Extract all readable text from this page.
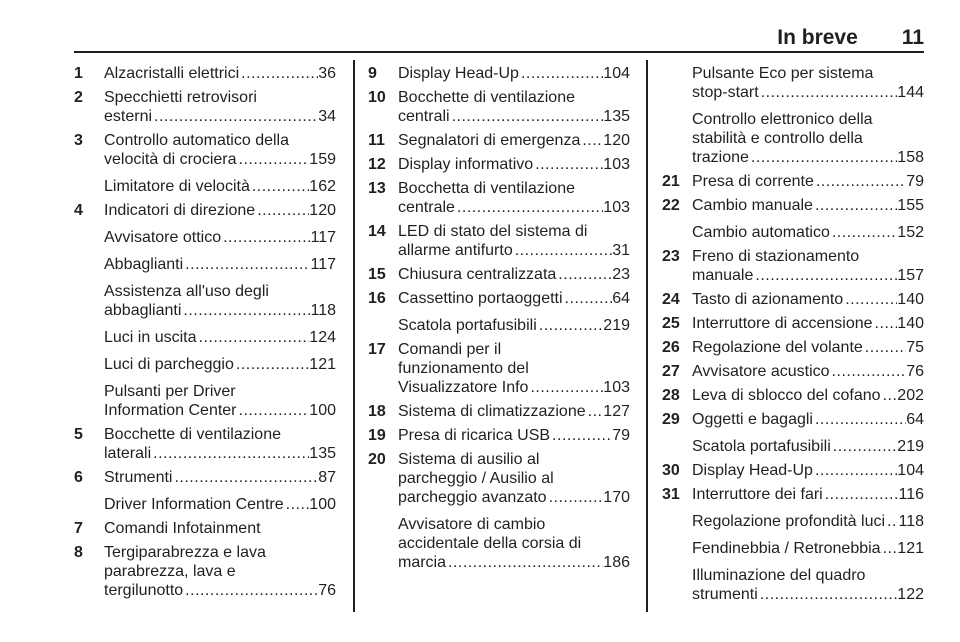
In breve 11
1	Alzacristalli elettrici .....	36
2	Specchietti retrovisori
esterni .....	34
3	Controllo automatico della
velocità di crociera .....	159
Limitatore di velocità .....	162
4	Indicatori di direzione .....	120
Avvisatore ottico .....	117
Abbaglianti .....	117
Assistenza all'uso degli
abbaglianti .....	118
Luci in uscita .....	124
Luci di parcheggio .....	121
Pulsanti per Driver
Information Center .....	100
5	Bocchette di ventilazione
laterali .....	135
6	Strumenti .....	87
Driver Information Centre ..... 100
7	Comandi Infotainment
8	Tergiparabrezza e lava
parabrezza, lava e
tergilunotto .....	76
9	Display Head-Up .....	104
10 Bocchette di ventilazione
centrali .....	135
11 Segnalatori di emergenza ..... 120
12 Display informativo .....	103
13 Bocchetta di ventilazione
centrale .....	103
14 LED di stato del sistema di
allarme antifurto .....	31
15 Chiusura centralizzata .....	23
16 Cassettino portaoggetti .....	64
Scatola portafusibili .....	219
17 Comandi per il
funzionamento del
Visualizzatore Info .....	103
18 Sistema di climatizzazione ..... 127
19 Presa di ricarica USB .....	79
20 Sistema di ausilio al
parcheggio / Ausilio al
parcheggio avanzato .....	170
Avvisatore di cambio
accidentale della corsia di
marcia .....	186
Pulsante Eco per sistema
stop-start .....	144
Controllo elettronico della
stabilità e controllo della
trazione .....	158
21 Presa di corrente .....	79
22 Cambio manuale .....	155
Cambio automatico .....	152
23 Freno di stazionamento
manuale .....	157
24 Tasto di azionamento .....	140
25 Interruttore di accensione ..... 140
26 Regolazione del volante .....	75
27 Avvisatore acustico .....	76
28 Leva di sblocco del cofano ..... 202
29 Oggetti e bagagli .....	64
Scatola portafusibili .....	219
30 Display Head-Up .....	104
31 Interruttore dei fari .....	116
Regolazione profondità luci ..... 118
Fendinebbia / Retronebbia ..... 121
Illuminazione del quadro
strumenti .....	122
